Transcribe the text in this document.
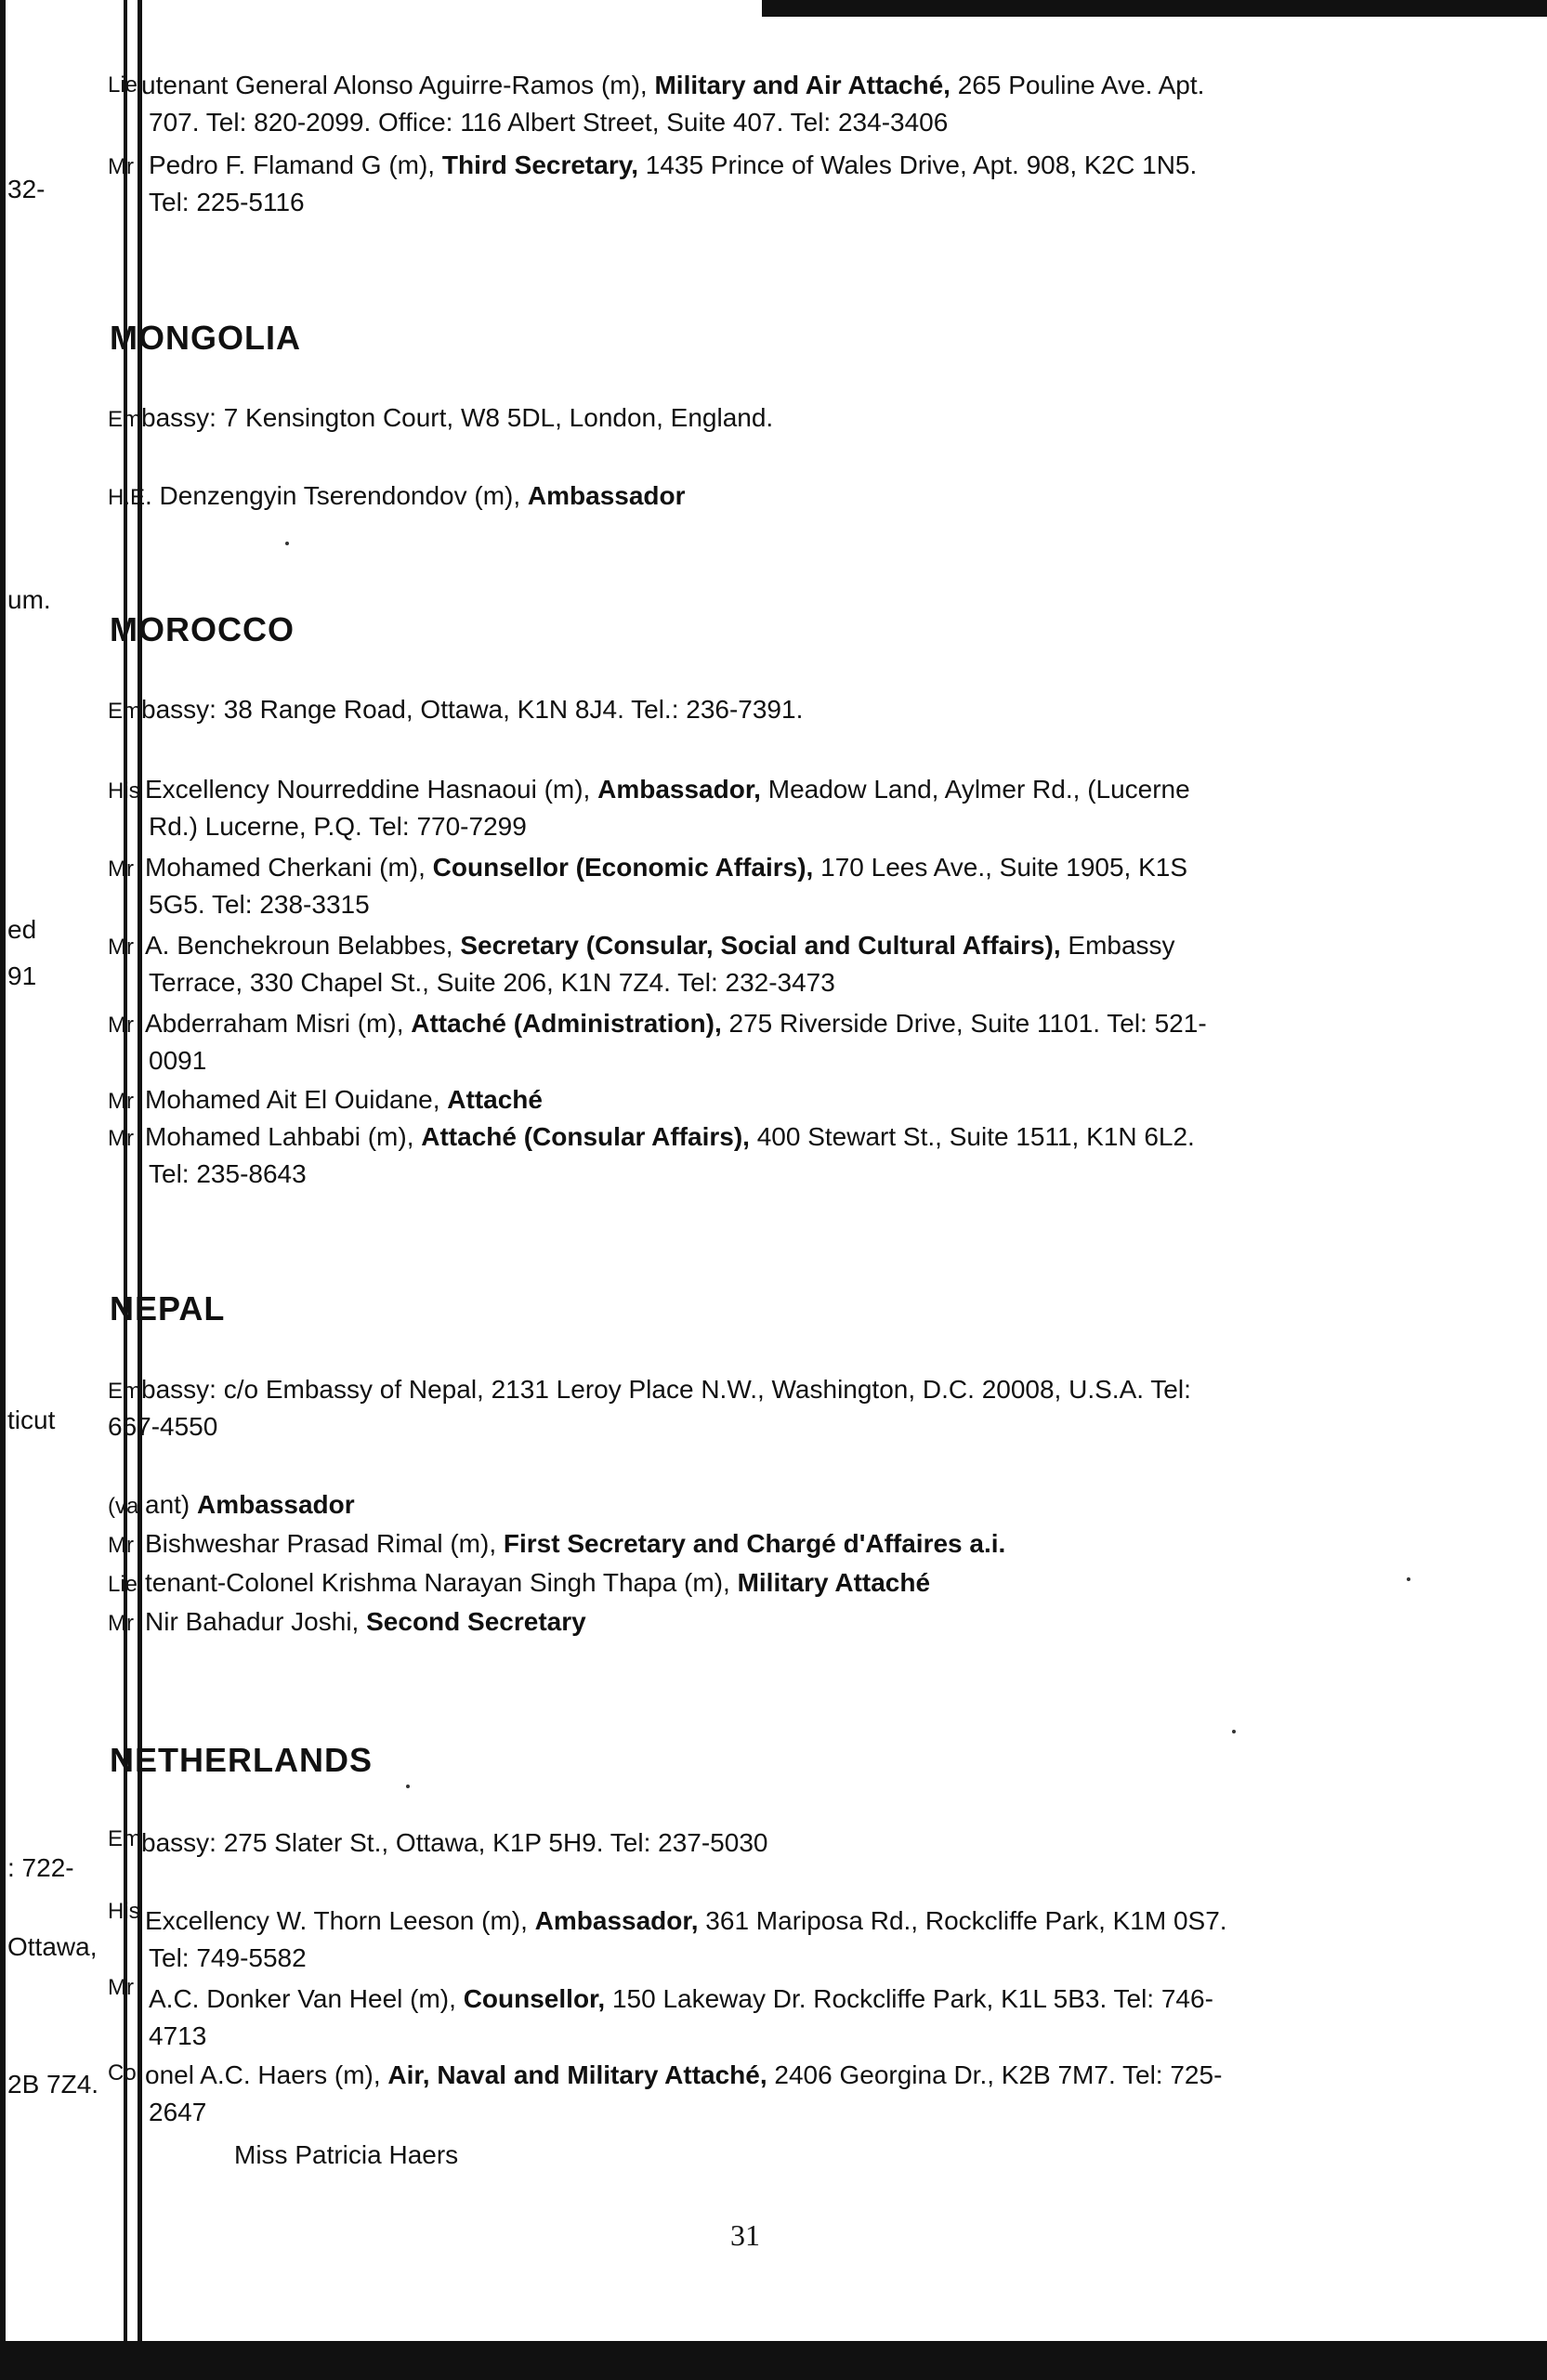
32-
um.
ed
91
ticut
: 722-
Ottawa,
2B 7Z4.
Lie utenant General Alonso Aguirre-Ramos (m), Military and Air Attaché, 265 Pouline Ave. Apt.
707. Tel: 820-2099. Office: 116 Albert Street, Suite 407. Tel: 234-3406
Mr Pedro F. Flamand G (m), Third Secretary, 1435 Prince of Wales Drive, Apt. 908, K2C 1N5.
Tel: 225-5116
MONGOLIA
Em bassy: 7 Kensington Court, W8 5DL, London, England.
H.E . Denzengyin Tserendondov (m), Ambassador
MOROCCO
Em bassy: 38 Range Road, Ottawa, K1N 8J4. Tel.: 236-7391.
His Excellency Nourreddine Hasnaoui (m), Ambassador, Meadow Land, Aylmer Rd., (Lucerne
Rd.) Lucerne, P.Q. Tel: 770-7299
Mr Mohamed Cherkani (m), Counsellor (Economic Affairs), 170 Lees Ave., Suite 1905, K1S
5G5. Tel: 238-3315
Mr A. Benchekroun Belabbes, Secretary (Consular, Social and Cultural Affairs), Embassy
Terrace, 330 Chapel St., Suite 206, K1N 7Z4. Tel: 232-3473
Mr Abderraham Misri (m), Attaché (Administration), 275 Riverside Drive, Suite 1101. Tel: 521-
0091
Mr Mohamed Ait El Ouidane, Attaché
Mr Mohamed Lahbabi (m), Attaché (Consular Affairs), 400 Stewart St., Suite 1511, K1N 6L2.
Tel: 235-8643
NEPAL
Em bassy: c/o Embassy of Nepal, 2131 Leroy Place N.W., Washington, D.C. 20008, U.S.A. Tel:
667-4550
(va ant) Ambassador
Mr Bishweshar Prasad Rimal (m), First Secretary and Chargé d'Affaires a.i.
Lie tenant-Colonel Krishma Narayan Singh Thapa (m), Military Attaché
Mr Nir Bahadur Joshi, Second Secretary
NETHERLANDS
Em bassy: 275 Slater St., Ottawa, K1P 5H9. Tel: 237-5030
His Excellency W. Thorn Leeson (m), Ambassador, 361 Mariposa Rd., Rockcliffe Park, K1M 0S7.
Tel: 749-5582
Mr A.C. Donker Van Heel (m), Counsellor, 150 Lakeway Dr. Rockcliffe Park, K1L 5B3. Tel: 746-
4713
Col onel A.C. Haers (m), Air, Naval and Military Attaché, 2406 Georgina Dr., K2B 7M7. Tel: 725-
2647
Miss Patricia Haers
31
